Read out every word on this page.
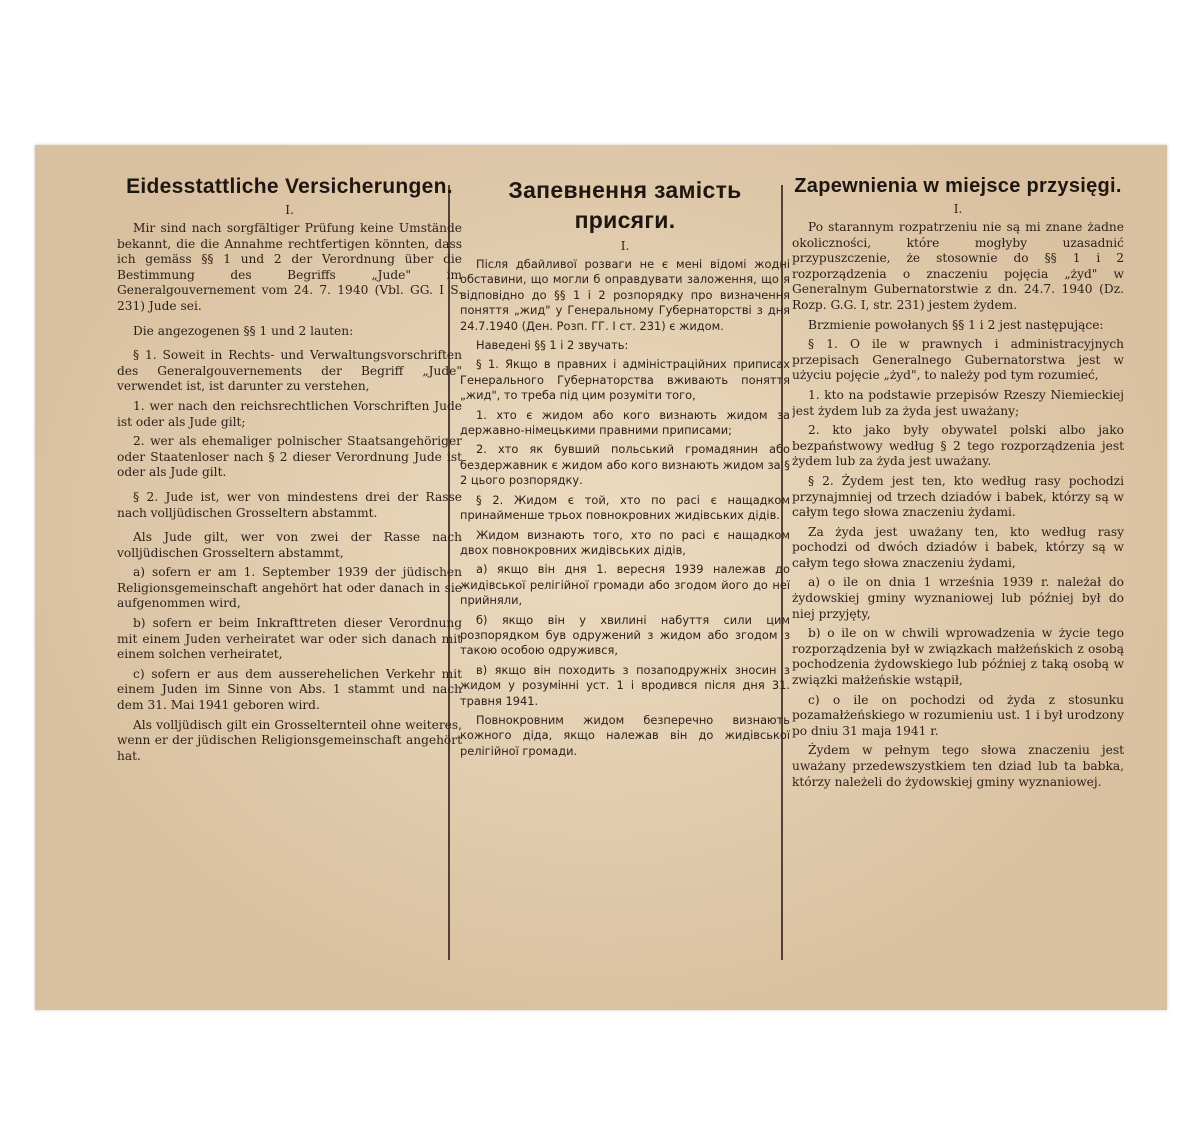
Eidesstattliche Versicherungen.
I.

Mir sind nach sorgfältiger Prüfung keine Umstände bekannt, die die Annahme rechtfertigen könnten, dass ich gemäss §§ 1 und 2 der Verordnung über die Bestimmung des Begriffs „Jude" im Generalgouvernement vom 24. 7. 1940 (Vbl. GG. I S. 231) Jude sei.

Die angezogenen §§ 1 und 2 lauten:

§ 1. Soweit in Rechts- und Verwaltungsvorschriften des Generalgouvernements der Begriff „Jude" verwendet ist, ist darunter zu verstehen,

1. wer nach den reichsrechtlichen Vorschriften Jude ist oder als Jude gilt;

2. wer als ehemaliger polnischer Staatsangehöriger oder Staatenloser nach § 2 dieser Verordnung Jude ist oder als Jude gilt.

§ 2. Jude ist, wer von mindestens drei der Rasse nach volljüdischen Grosseltern abstammt.

Als Jude gilt, wer von zwei der Rasse nach volljüdischen Grosseltern abstammt,

a) sofern er am 1. September 1939 der jüdischen Religionsgemeinschaft angehört hat oder danach in sie aufgenommen wird,

b) sofern er beim Inkrafttreten dieser Verordnung mit einem Juden verheiratet war oder sich danach mit einem solchen verheiratet,

c) sofern er aus dem ausserehelichen Verkehr mit einem Juden im Sinne von Abs. 1 stammt und nach dem 31. Mai 1941 geboren wird.

Als volljüdisch gilt ein Grosselternteil ohne weiteres, wenn er der jüdischen Religionsgemeinschaft angehört hat.

Запевнення замість присяги.
I.

Після дбайливої розваги не є мені відомі жодні обставини, що могли б оправдувати заложення, що я відповідно до §§ 1 і 2 розпорядку про визначення поняття „жид" у Генеральному Губернаторстві з дня 24.7.1940 (Ден. Розп. ГГ. І ст. 231) є жидом.

Наведені §§ 1 і 2 звучать:

§ 1. Якщо в правних і адміністраційних приписах Генерального Губернаторства вживають поняття „жид", то треба під цим розуміти того,

1. хто є жидом або кого визнають жидом за державно-німецькими правними приписами;

2. хто як бувший польський громадянин або бездержавник є жидом або кого визнають жидом за § 2 цього розпорядку.

§ 2. Жидом є той, хто по расі є нащадком принайменше трьох повнокровних жидівських дідів.

Жидом визнають того, хто по расі є нащадком двох повнокровних жидівських дідів,

а) якщо він дня 1. вересня 1939 належав до жидівської релігійної громади або згодом його до неї прийняли,

б) якщо він у хвилині набуття сили цим розпорядком був одружений з жидом або згодом з такою особою одружився,

в) якщо він походить з позаподружніх зносин з жидом у розумінні уст. 1 і вродився після дня 31. травня 1941.

Повнокровним жидом безперечно визнають кожного діда, якщо належав він до жидівської релігійної громади.

Zapewnienia w miejsce przysięgi.
I.

Po starannym rozpatrzeniu nie są mi znane żadne okoliczności, które mogłyby uzasadnić przypuszczenie, że stosownie do §§ 1 i 2 rozporządzenia o znaczeniu pojęcia „żyd" w Generalnym Gubernatorstwie z dn. 24.7. 1940 (Dz. Rozp. G.G. I, str. 231) jestem żydem.

Brzmienie powołanych §§ 1 i 2 jest następujące:

§ 1. O ile w prawnych i administracyjnych przepisach Generalnego Gubernatorstwa jest w użyciu pojęcie „żyd", to należy pod tym rozumieć,

1. kto na podstawie przepisów Rzeszy Niemieckiej jest żydem lub za żyda jest uważany;

2. kto jako były obywatel polski albo jako bezpaństwowy według § 2 tego rozporządzenia jest żydem lub za żyda jest uważany.

§ 2. Żydem jest ten, kto według rasy pochodzi przynajmniej od trzech dziadów i babek, którzy są w całym tego słowa znaczeniu żydami.

Za żyda jest uważany ten, kto według rasy pochodzi od dwóch dziadów i babek, którzy są w całym tego słowa znaczeniu żydami,

a) o ile on dnia 1 września 1939 r. należał do żydowskiej gminy wyznaniowej lub później był do niej przyjęty,

b) o ile on w chwili wprowadzenia w życie tego rozporządzenia był w związkach małżeńskich z osobą pochodzenia żydowskiego lub później z taką osobą w związki małżeńskie wstąpił,

c) o ile on pochodzi od żyda z stosunku pozamałżeńskiego w rozumieniu ust. 1 i był urodzony po dniu 31 maja 1941 r.

Żydem w pełnym tego słowa znaczeniu jest uważany przedewszystkiem ten dziad lub ta babka, którzy należeli do żydowskiej gminy wyznaniowej.
